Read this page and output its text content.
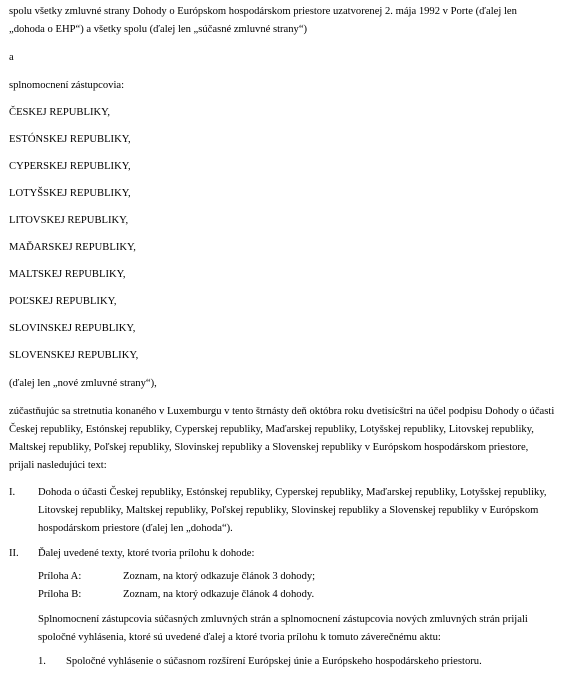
spolu všetky zmluvné strany Dohody o Európskom hospodárskom priestore uzatvorenej 2. mája 1992 v Porte (ďalej len
„dohoda o EHP“) a všetky spolu (ďalej len „súčasné zmluvné strany“)
a
splnomocnení zástupcovia:
ČESKEJ REPUBLIKY,
ESTÓNSKEJ REPUBLIKY,
CYPERSKEJ REPUBLIKY,
LOTYŠSKEJ REPUBLIKY,
LITOVSKEJ REPUBLIKY,
MAĎARSKEJ REPUBLIKY,
MALTSKEJ REPUBLIKY,
POĽSKEJ REPUBLIKY,
SLOVINSKEJ REPUBLIKY,
SLOVENSKEJ REPUBLIKY,
(ďalej len „nové zmluvné strany“),
zúčastňujúc sa stretnutia konaného v Luxemburgu v tento štrnásty deň októbra roku dvetisícštri na účel podpisu Dohody o účasti
Českej republiky, Estónskej republiky, Cyperskej republiky, Maďarskej republiky, Lotyšskej republiky, Litovskej republiky,
Maltskej republiky, Poľskej republiky, Slovinskej republiky a Slovenskej republiky v Európskom hospodárskom priestore,
prijali nasledujúci text:
I. Dohoda o účasti Českej republiky, Estónskej republiky, Cyperskej republiky, Maďarskej republiky, Lotyšskej republiky,
Litovskej republiky, Maltskej republiky, Poľskej republiky, Slovinskej republiky a Slovenskej republiky v Európskom
hospodárskom priestore (ďalej len „dohoda“).
II. Ďalej uvedené texty, ktoré tvoria prílohu k dohode:
Príloha A:	Zoznam, na ktorý odkazuje článok 3 dohody;
Príloha B:	Zoznam, na ktorý odkazuje článok 4 dohody.
Splnomocnení zástupcovia súčasných zmluvných strán a splnomocnení zástupcovia nových zmluvných strán prijali
spoločné vyhlásenia, ktoré sú uvedené ďalej a ktoré tvoria prílohu k tomuto záverečnému aktu:
1. Spoločné vyhlásenie o súčasnom rozšírení Európskej únie a Európskeho hospodárskeho priestoru.
